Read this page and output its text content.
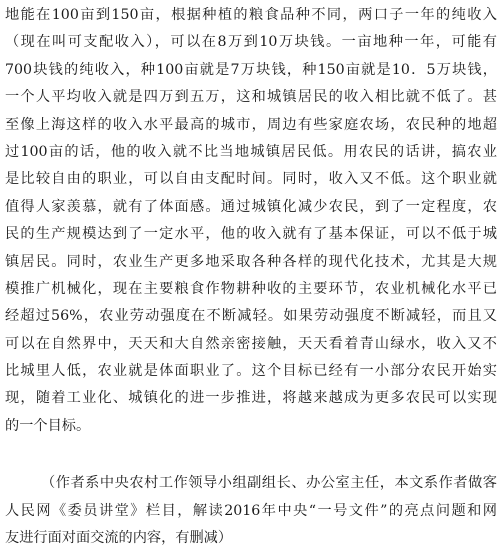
地能在100亩到150亩，根据种植的粮食品种不同，两口子一年的纯收入
（现在叫可支配收入），可以在8万到10万块钱。一亩地种一年，可能有
700块钱的纯收入，种100亩就是7万块钱，种150亩就是10．5万块钱，
一个人平均收入就是四万到五万，这和城镇居民的收入相比就不低了。甚
至像上海这样的收入水平最高的城市，周边有些家庭农场，农民种的地超
过100亩的话，他的收入就不比当地城镇居民低。用农民的话讲，搞农业
是比较自由的职业，可以自由支配时间。同时，收入又不低。这个职业就
值得人家羡慕，就有了体面感。通过城镇化减少农民，到了一定程度，农
民的生产规模达到了一定水平，他的收入就有了基本保证，可以不低于城
镇居民。同时，农业生产更多地采取各种各样的现代化技术，尤其是大规
模推广机械化，现在主要粮食作物耕种收的主要环节，农业机械化水平已
经超过56%，农业劳动强度在不断减轻。如果劳动强度不断减轻，而且又
可以在自然界中，天天和大自然亲密接触，天天看着青山绿水，收入又不
比城里人低，农业就是体面职业了。这个目标已经有一小部分农民开始实
现，随着工业化、城镇化的进一步推进，将越来越成为更多农民可以实现
的一个目标。
（作者系中央农村工作领导小组副组长、办公室主任，本文系作者做客
人民网《委员讲堂》栏目，解读2016年中央“一号文件”的亮点问题和网
友进行面对面交流的内容，有删减）
